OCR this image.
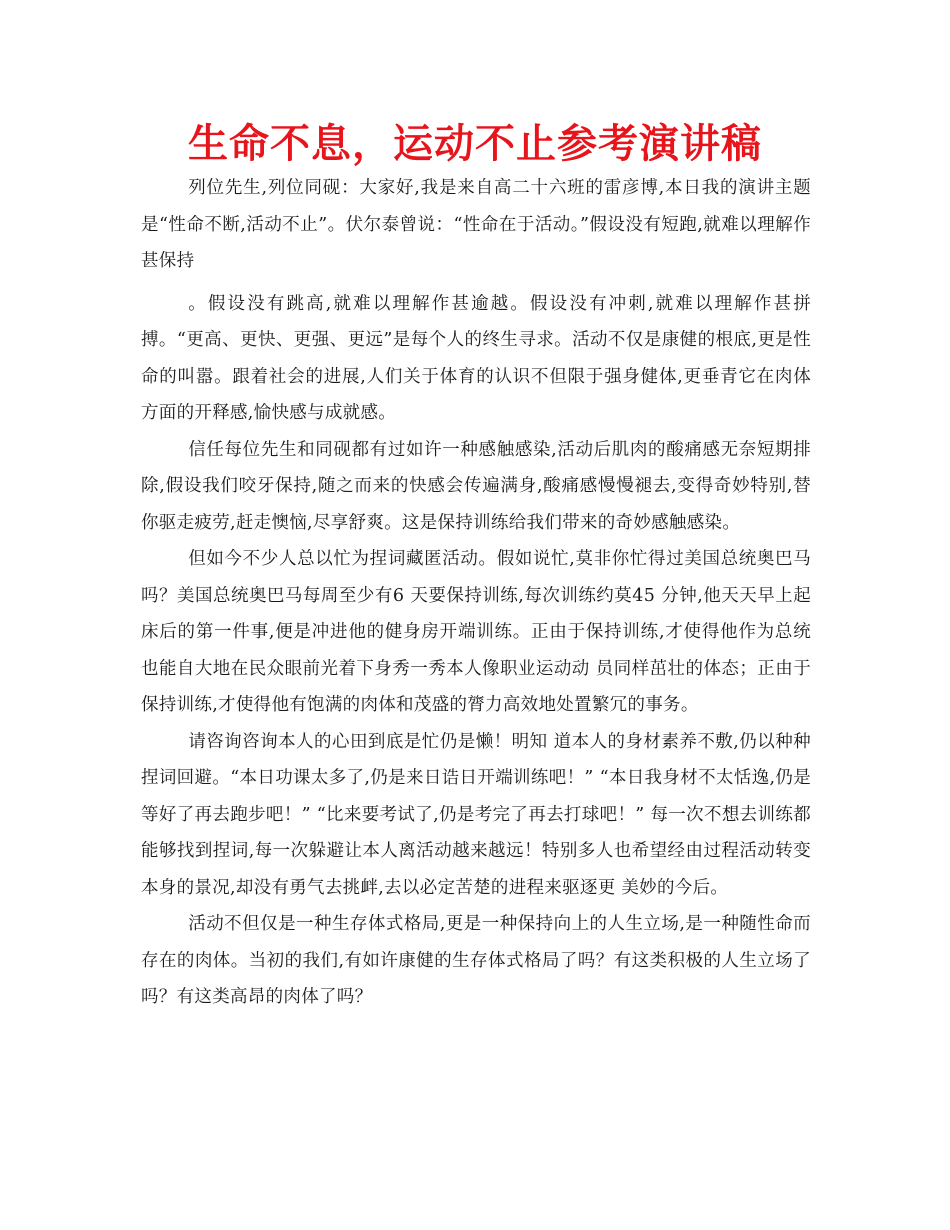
生命不息，运动不止参考演讲稿

列位先生,列位同砚：大家好,我是来自高二十六班的雷彦博,本日我的演讲主题是“性命不断,活动不止”。伏尔泰曾说：“性命在于活动。”假设没有短跑,就难以理解作甚保持

。假设没有跳高,就难以理解作甚逾越。假设没有冲刺,就难以理解作甚拼搏。“更高、更快、更强、更远”是每个人的终生寻求。活动不仅是康健的根底,更是性命的叫嚣。跟着社会的进展,人们关于体育的认识不但限于强身健体,更垂青它在肉体方面的开释感,愉快感与成就感。

信任每位先生和同砚都有过如许一种感触感染,活动后肌肉的酸痛感无奈短期排除,假设我们咬牙保持,随之而来的快感会传遍满身,酸痛感慢慢褪去,变得奇妙特别,替你驱走疲劳,赶走懊恼,尽享舒爽。这是保持训练给我们带来的奇妙感触感染。

但如今不少人总以忙为捏词藏匿活动。假如说忙,莫非你忙得过美国总统奥巴马吗？美国总统奥巴马每周至少有6 天要保持训练,每次训练约莫45 分钟,他天天早上起床后的第一件事,便是冲进他的健身房开端训练。正由于保持训练,才使得他作为总统也能自大地在民众眼前光着下身秀一秀本人像职业运动动 员同样茁壮的体态；正由于保持训练,才使得他有饱满的肉体和茂盛的膂力高效地处置繁冗的事务。

请咨询咨询本人的心田到底是忙仍是懒！明知 道本人的身材素养不敷,仍以种种捏词回避。“本日功课太多了,仍是来日诰日开端训练吧！” “本日我身材不太恬逸,仍是等好了再去跑步吧！” “比来要考试了,仍是考完了再去打球吧！” 每一次不想去训练都能够找到捏词,每一次躲避让本人离活动越来越远！特别多人也希望经由过程活动转变本身的景况,却没有勇气去挑衅,去以必定苦楚的进程来驱逐更 美妙的今后。

活动不但仅是一种生存体式格局,更是一种保持向上的人生立场,是一种随性命而存在的肉体。当初的我们,有如许康健的生存体式格局了吗？有这类积极的人生立场了吗？有这类高昂的肉体了吗？
